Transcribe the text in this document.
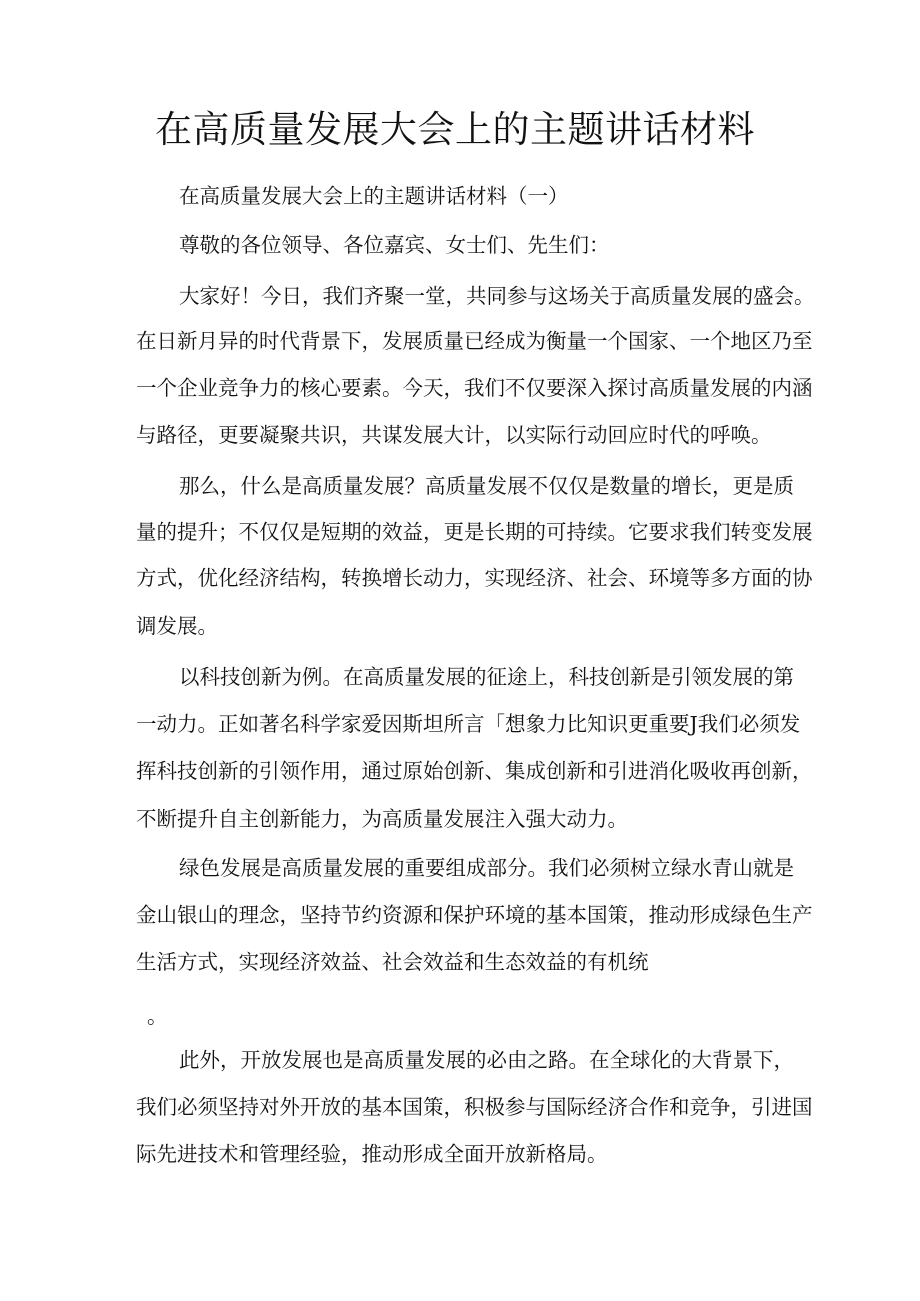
在高质量发展大会上的主题讲话材料
在高质量发展大会上的主题讲话材料（一）
尊敬的各位领导、各位嘉宾、女士们、先生们：
大家好！今日，我们齐聚一堂，共同参与这场关于高质量发展的盛会。
在日新月异的时代背景下，发展质量已经成为衡量一个国家、一个地区乃至
一个企业竞争力的核心要素。今天，我们不仅要深入探讨高质量发展的内涵
与路径，更要凝聚共识，共谋发展大计，以实际行动回应时代的呼唤。
那么，什么是高质量发展？高质量发展不仅仅是数量的增长，更是质
量的提升；不仅仅是短期的效益，更是长期的可持续。它要求我们转变发展
方式，优化经济结构，转换增长动力，实现经济、社会、环境等多方面的协
调发展。
以科技创新为例。在高质量发展的征途上，科技创新是引领发展的第
一动力。正如著名科学家爱因斯坦所言「想象力比知识更重要J我们必须发
挥科技创新的引领作用，通过原始创新、集成创新和引进消化吸收再创新，
不断提升自主创新能力，为高质量发展注入强大动力。
绿色发展是高质量发展的重要组成部分。我们必须树立绿水青山就是
金山银山的理念，坚持节约资源和保护环境的基本国策，推动形成绿色生产
生活方式，实现经济效益、社会效益和生态效益的有机统
。
此外，开放发展也是高质量发展的必由之路。在全球化的大背景下，
我们必须坚持对外开放的基本国策，积极参与国际经济合作和竞争，引进国
际先进技术和管理经验，推动形成全面开放新格局。
